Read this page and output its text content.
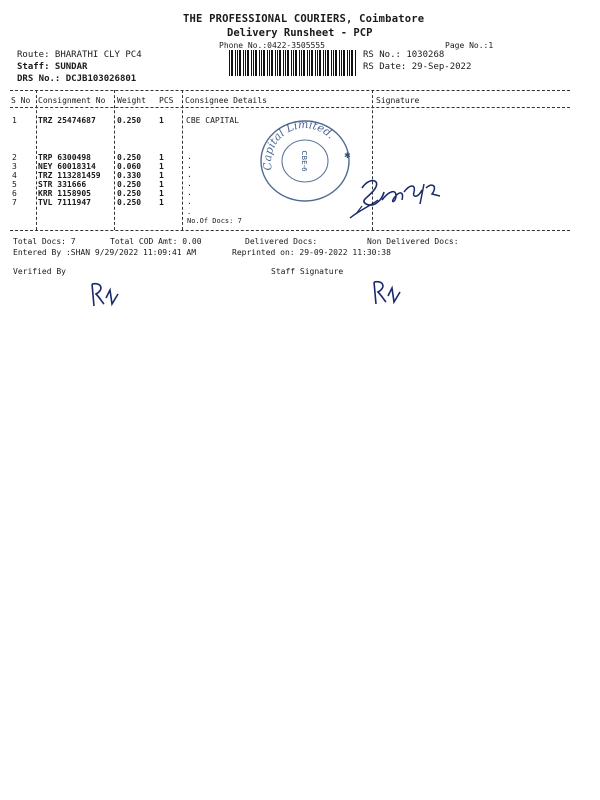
THE PROFESSIONAL COURIERS, Coimbatore
Delivery Runsheet - PCP
Phone No.:0422-3505555	Page No.:1
Route: BHARATHI CLY PC4
Staff: SUNDAR
DRS No.: DCJB103026801
RS No.: 1030268
RS Date: 29-Sep-2022
S No Consignment No Weight PCS Consignee Details	Signature
1	TRZ 25474687	0.250 1	CBE CAPITAL
2	TRP 6300498	0.250 1	.
3	NEY 60018314	0.060 1	.
4	TRZ 113281459 0.330 1	.
5	STR 331666	0.250 1	.
6	KRR 1158905	0.250 1	.
7	TVL 7111947	0.250 1	.
.
No.Of Docs: 7
Capital Limited.
CBE-6	✱
Total Docs: 7	Total COD Amt: 0.00	Delivered Docs:	Non Delivered Docs:
Entered By :SHAN 9/29/2022 11:09:41 AM	Reprinted on: 29-09-2022 11:30:38
Verified By	Staff Signature
